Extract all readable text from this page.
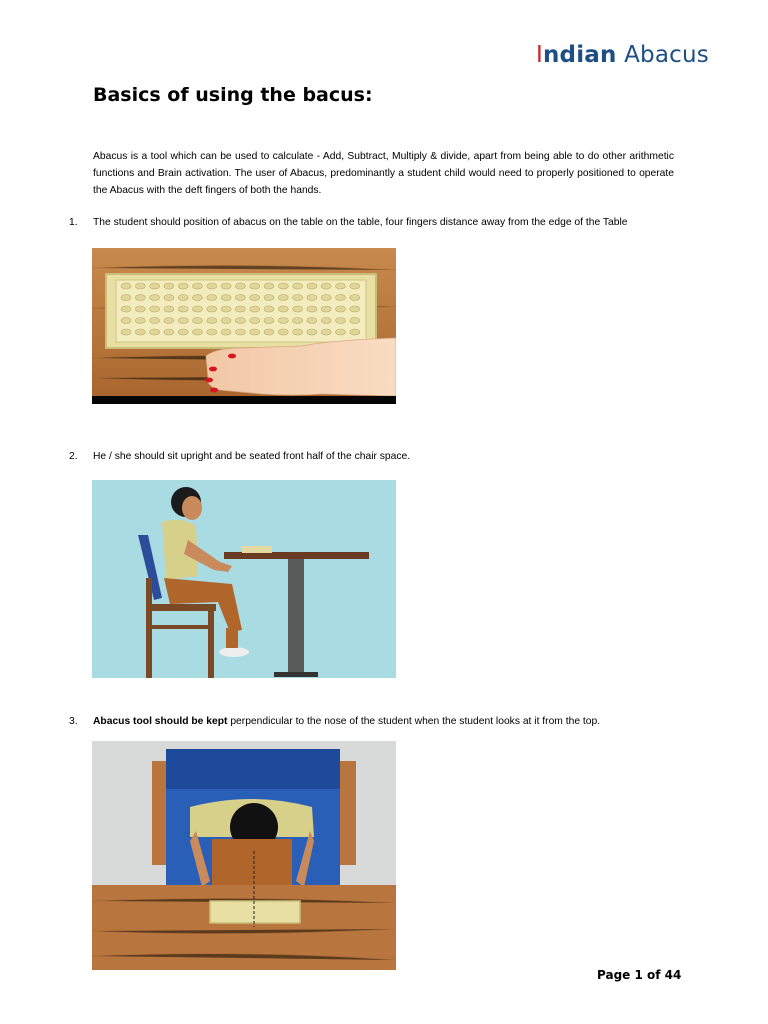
Indian Abacus
Basics of using the bacus:
Abacus is a tool which can be used to calculate - Add, Subtract, Multiply & divide, apart from being able to do other arithmetic functions and Brain activation. The user of Abacus, predominantly a student child would need to properly positioned to operate the Abacus with the deft fingers of both the hands.
1. The student should position of abacus on the table on the table, four fingers distance away from the edge of the Table
2. He / she should sit upright and be seated front half of the chair space.
3. Abacus tool should be kept perpendicular to the nose of the student when the student looks at it from the top.
Page 1 of 44
